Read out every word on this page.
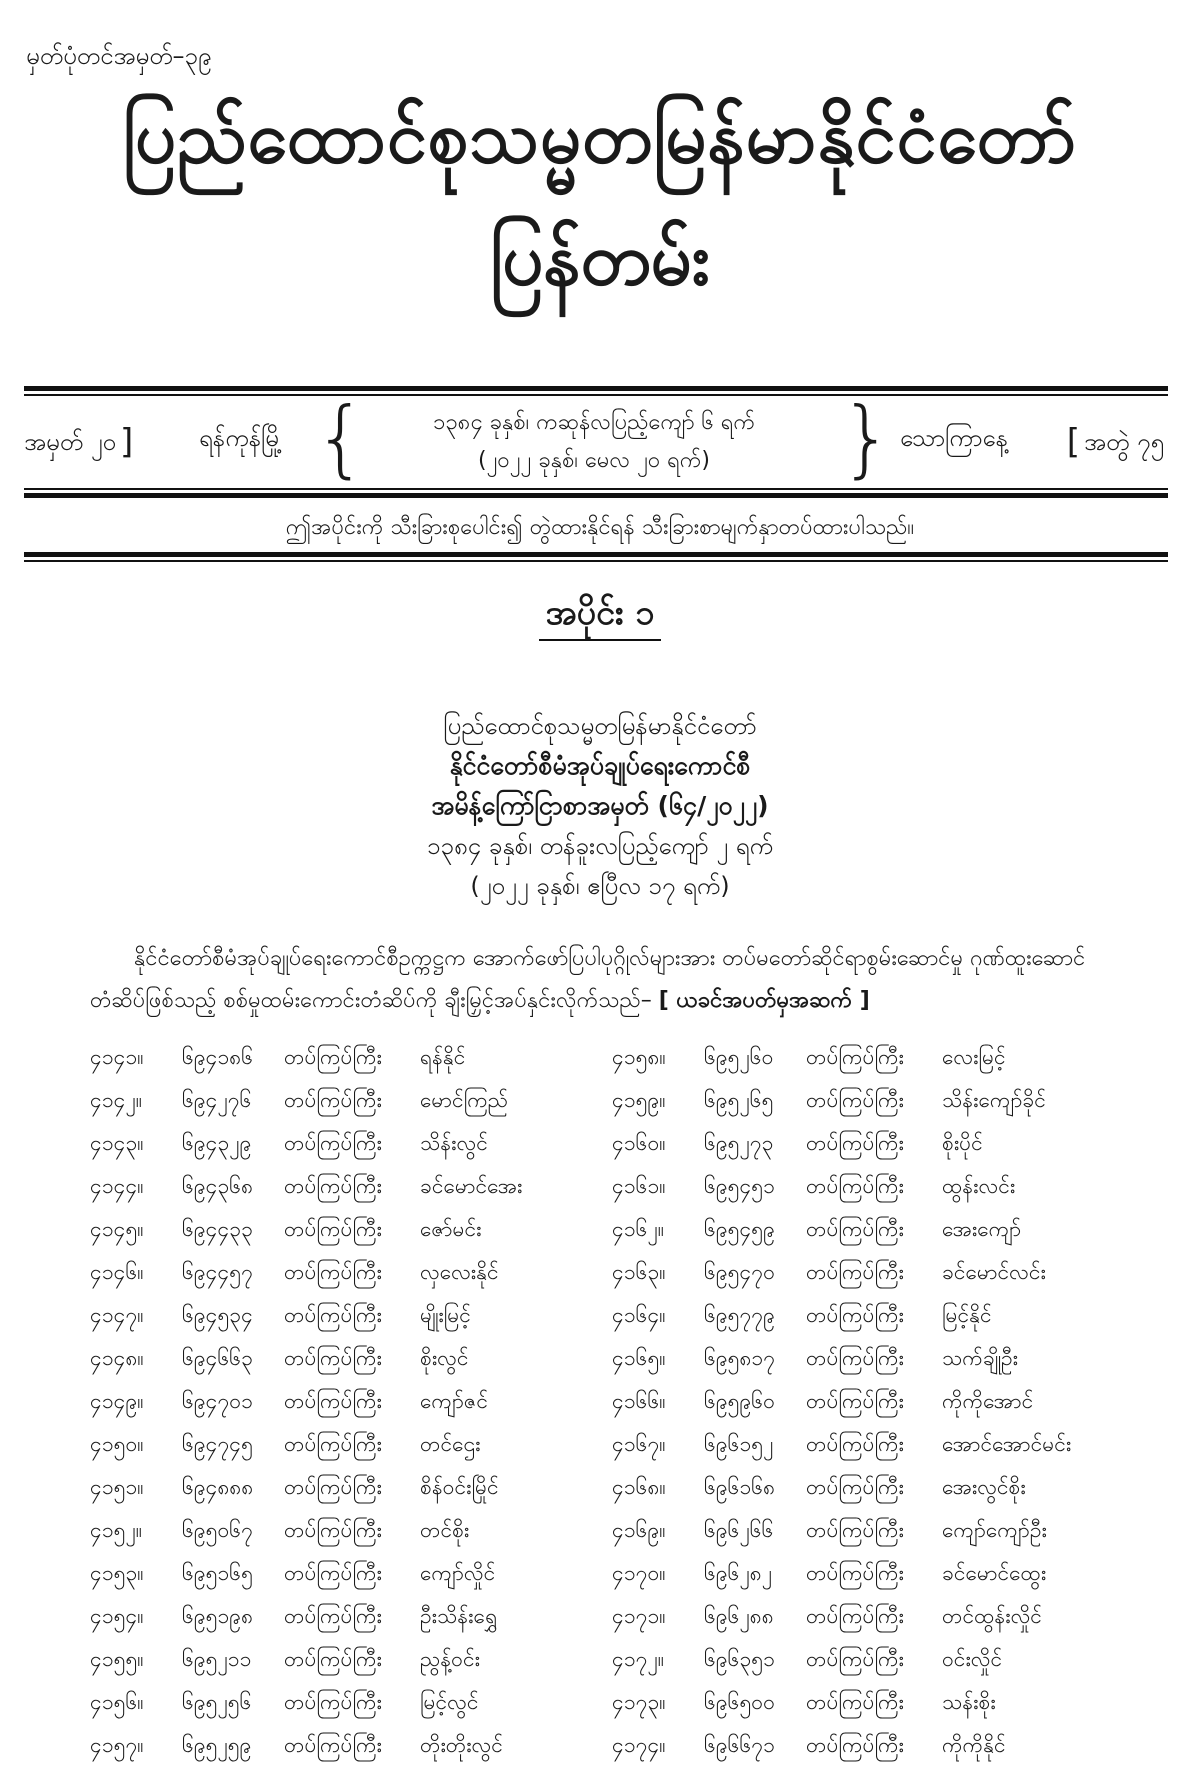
မှတ်ပုံတင်အမှတ်–၃၉
ပြည်ထောင်စုသမ္မတမြန်မာနိုင်ငံတော်
ပြန်တမ်း
အမှတ် ၂၀ ]	ရန်ကုန်မြို့ {	၁၃၈၄ ခုနှစ်၊ ကဆုန်လပြည့်ကျော် ၆ ရက်
(၂၀၂၂ ခုနှစ်၊ မေလ ၂၀ ရက်)	} သောကြာနေ့ [ အတွဲ ၇၅
ဤအပိုင်းကို သီးခြားစုပေါင်း၍ တွဲထားနိုင်ရန် သီးခြားစာမျက်နှာတပ်ထားပါသည်။
အပိုင်း ၁
ပြည်ထောင်စုသမ္မတမြန်မာနိုင်ငံတော်
နိုင်ငံတော်စီမံအုပ်ချုပ်ရေးကောင်စီ
အမိန့်ကြော်ငြာစာအမှတ် (၆၄/၂၀၂၂)
၁၃၈၄ ခုနှစ်၊ တန်ခူးလပြည့်ကျော် ၂ ရက်
(၂၀၂၂ ခုနှစ်၊ ဧပြီလ ၁၇ ရက်)
နိုင်ငံတော်စီမံအုပ်ချုပ်ရေးကောင်စီဥက္ကဋ္ဌက အောက်ဖော်ပြပါပုဂ္ဂိုလ်များအား တပ်မတော်ဆိုင်ရာစွမ်းဆောင်မှု ဂုဏ်ထူးဆောင်တံဆိပ်ဖြစ်သည့် စစ်မှုထမ်းကောင်းတံဆိပ်ကို ချီးမြှင့်အပ်နှင်းလိုက်သည်– [ ယခင်အပတ်မှအဆက် ]
၄၁၄၁။ ၆၉၄၁၈၆ တပ်ကြပ်ကြီး ရန်နိုင်
၄၁၄၂။ ၆၉၄၂၇၆ တပ်ကြပ်ကြီး မောင်ကြည်
၄၁၄၃။ ၆၉၄၃၂၉ တပ်ကြပ်ကြီး သိန်းလွင်
၄၁၄၄။ ၆၉၄၃၆၈ တပ်ကြပ်ကြီး ခင်မောင်အေး
၄၁၄၅။ ၆၉၄၄၃၃ တပ်ကြပ်ကြီး ဇော်မင်း
၄၁၄၆။ ၆၉၄၄၅၇ တပ်ကြပ်ကြီး လှလေးနိုင်
၄၁၄၇။ ၆၉၄၅၃၄ တပ်ကြပ်ကြီး မျိုးမြင့်
၄၁၄၈။ ၆၉၄၆၆၃ တပ်ကြပ်ကြီး စိုးလွင်
၄၁၄၉။ ၆၉၄၇၀၁ တပ်ကြပ်ကြီး ကျော်ဇင်
၄၁၅၀။ ၆၉၄၇၄၅ တပ်ကြပ်ကြီး တင်ဌေး
၄၁၅၁။ ၆၉၄၈၈၈ တပ်ကြပ်ကြီး စိန်ဝင်းမြိုင်
၄၁၅၂။ ၆၉၅၀၆၇ တပ်ကြပ်ကြီး တင်စိုး
၄၁၅၃။ ၆၉၅၁၆၅ တပ်ကြပ်ကြီး ကျော်လှိုင်
၄၁၅၄။ ၆၉၅၁၉၈ တပ်ကြပ်ကြီး ဦးသိန်းရွှေ
၄၁၅၅။ ၆၉၅၂၁၁ တပ်ကြပ်ကြီး ညွန့်ဝင်း
၄၁၅၆။ ၆၉၅၂၅၆ တပ်ကြပ်ကြီး မြင့်လွင်
၄၁၅၇။ ၆၉၅၂၅၉ တပ်ကြပ်ကြီး တိုးတိုးလွင်
၄၁၅၈။ ၆၉၅၂၆၀ တပ်ကြပ်ကြီး လေးမြင့်
၄၁၅၉။ ၆၉၅၂၆၅ တပ်ကြပ်ကြီး သိန်းကျော်ခိုင်
၄၁၆၀။ ၆၉၅၂၇၃ တပ်ကြပ်ကြီး စိုးပိုင်
၄၁၆၁။ ၆၉၅၄၅၁ တပ်ကြပ်ကြီး ထွန်းလင်း
၄၁၆၂။ ၆၉၅၄၅၉ တပ်ကြပ်ကြီး အေးကျော်
၄၁၆၃။ ၆၉၅၄၇၀ တပ်ကြပ်ကြီး ခင်မောင်လင်း
၄၁၆၄။ ၆၉၅၇၇၉ တပ်ကြပ်ကြီး မြင့်နိုင်
၄၁၆၅။ ၆၉၅၈၁၇ တပ်ကြပ်ကြီး သက်ချိုဦး
၄၁၆၆။ ၆၉၅၉၆၀ တပ်ကြပ်ကြီး ကိုကိုအောင်
၄၁၆၇။ ၆၉၆၁၅၂ တပ်ကြပ်ကြီး အောင်အောင်မင်း
၄၁၆၈။ ၆၉၆၁၆၈ တပ်ကြပ်ကြီး အေးလွင်စိုး
၄၁၆၉။ ၆၉၆၂၆၆ တပ်ကြပ်ကြီး ကျော်ကျော်ဦး
၄၁၇၀။ ၆၉၆၂၈၂ တပ်ကြပ်ကြီး ခင်မောင်ထွေး
၄၁၇၁။ ၆၉၆၂၈၈ တပ်ကြပ်ကြီး တင်ထွန်းလှိုင်
၄၁၇၂။ ၆၉၆၃၅၁ တပ်ကြပ်ကြီး ဝင်းလှိုင်
၄၁၇၃။ ၆၉၆၅၀၀ တပ်ကြပ်ကြီး သန်းစိုး
၄၁၇၄။ ၆၉၆၆၇၁ တပ်ကြပ်ကြီး ကိုကိုနိုင်
